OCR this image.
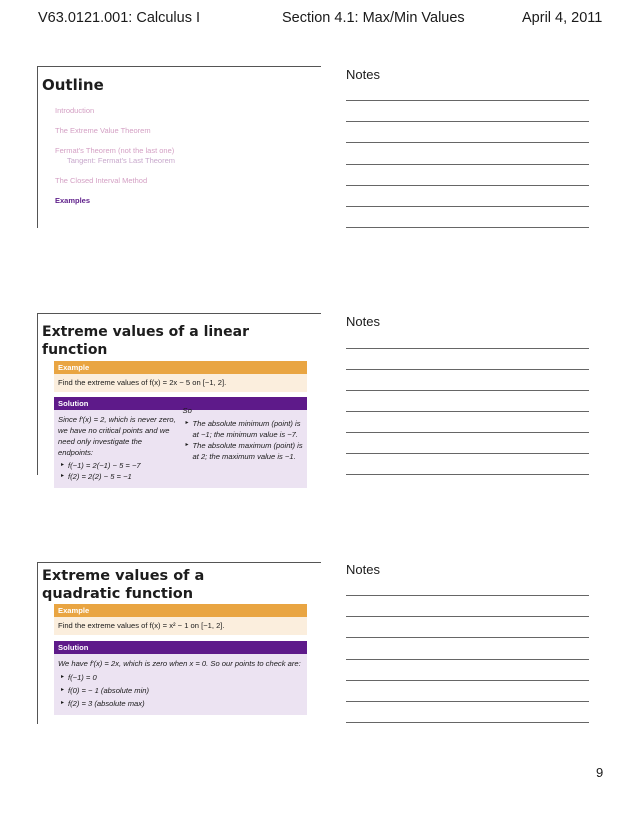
V63.0121.001: Calculus I	Section 4.1: Max/Min Values	April 4, 2011
Outline
Introduction
The Extreme Value Theorem
Fermat's Theorem (not the last one)
Tangent: Fermat's Last Theorem
The Closed Interval Method
Examples
Extreme values of a linear function
Example
Find the extreme values of f(x) = 2x − 5 on [−1, 2].
Solution
Since f′(x) = 2, which is never zero, we have no critical points and we need only investigate the endpoints:
▸ f(−1) = 2(−1) − 5 = −7
▸ f(2) = 2(2) − 5 = −1
So
▸ The absolute minimum (point) is at −1; the minimum value is −7.
▸ The absolute maximum (point) is at 2; the maximum value is −1.
Extreme values of a quadratic function
Example
Find the extreme values of f(x) = x² − 1 on [−1, 2].
Solution
We have f′(x) = 2x, which is zero when x = 0. So our points to check are:
▸ f(−1) = 0
▸ f(0) = − 1 (absolute min)
▸ f(2) = 3 (absolute max)
Notes
Notes
Notes
9
